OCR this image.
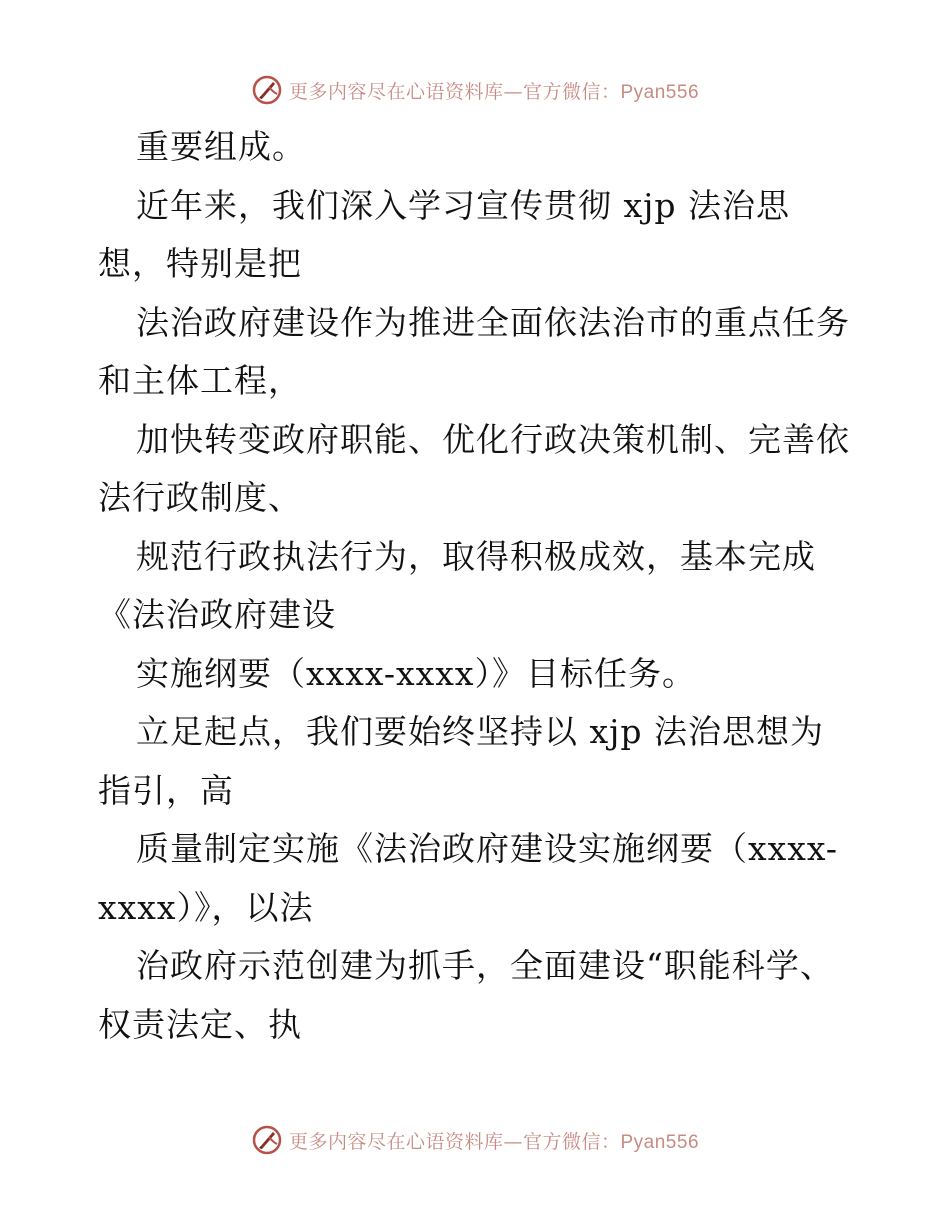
更多内容尽在心语资料库—官方微信：Pyan556
重要组成。
近年来，我们深入学习宣传贯彻 xjp 法治思
想，特别是把
法治政府建设作为推进全面依法治市的重点任务
和主体工程，
加快转变政府职能、优化行政决策机制、完善依
法行政制度、
规范行政执法行为，取得积极成效，基本完成
《法治政府建设
实施纲要（xxxx-xxxx）》目标任务。
立足起点，我们要始终坚持以 xjp 法治思想为
指引，高
质量制定实施《法治政府建设实施纲要（xxxx-
xxxx）》，以法
治政府示范创建为抓手，全面建设“职能科学、
权责法定、执
更多内容尽在心语资料库—官方微信：Pyan556
